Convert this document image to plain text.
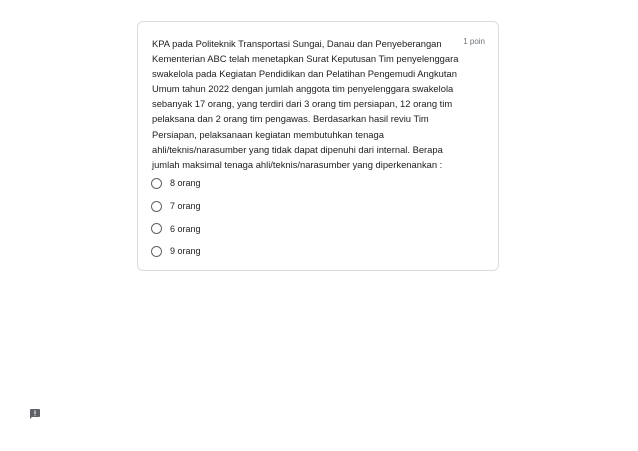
KPA pada Politeknik Transportasi Sungai, Danau dan Penyeberangan Kementerian ABC telah menetapkan Surat Keputusan Tim penyelenggara swakelola pada Kegiatan Pendidikan dan Pelatihan Pengemudi Angkutan Umum tahun 2022 dengan jumlah anggota tim penyelenggara swakelola sebanyak 17 orang, yang terdiri dari 3 orang tim persiapan, 12 orang tim pelaksana dan 2 orang tim pengawas. Berdasarkan hasil reviu Tim Persiapan, pelaksanaan kegiatan membutuhkan tenaga ahli/teknis/narasumber yang tidak dapat dipenuhi dari internal. Berapa jumlah maksimal tenaga ahli/teknis/narasumber yang diperkenankan :
1 poin
8 orang
7 orang
6 orang
9 orang
